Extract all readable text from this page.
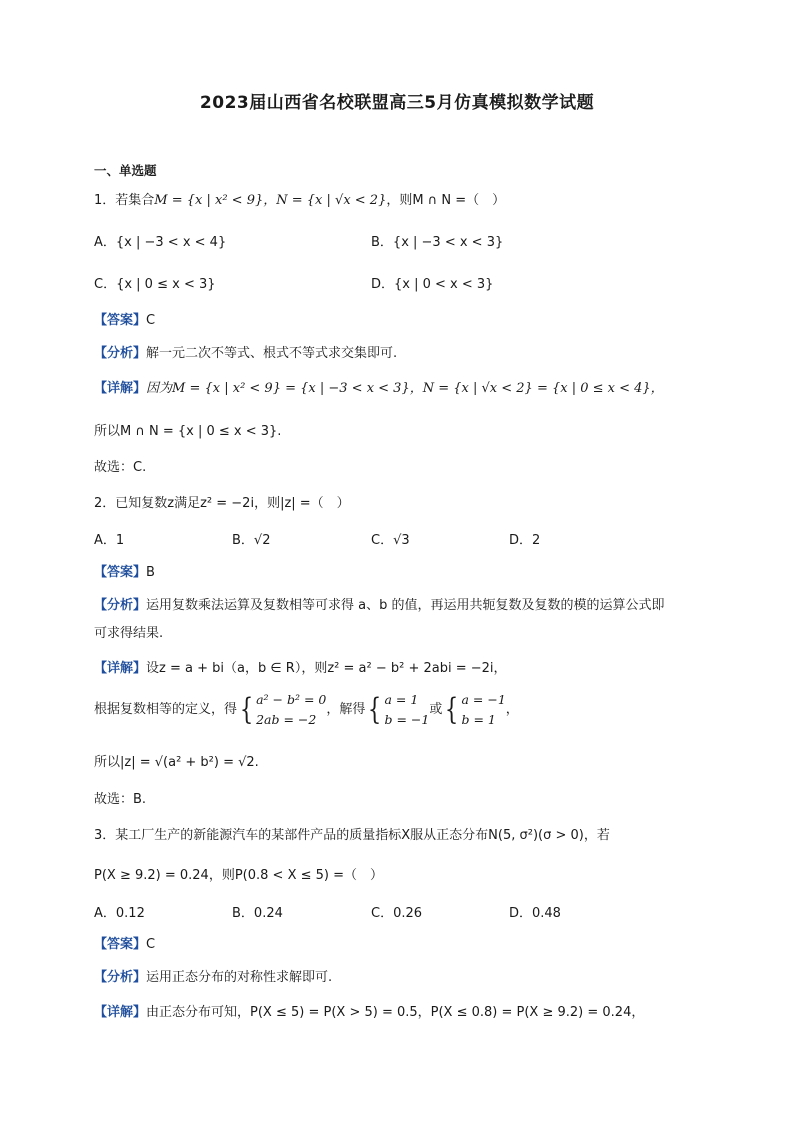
2023届山西省名校联盟高三5月仿真模拟数学试题
一、单选题
1．若集合M = {x | x² < 9}，N = {x | √x < 2}，则M ∩ N =（　）
A．{x | −3 < x < 4}	B．{x | −3 < x < 3}
C．{x | 0 ≤ x < 3}	D．{x | 0 < x < 3}
【答案】C
【分析】解一元二次不等式、根式不等式求交集即可.
【详解】因为M = {x | x² < 9} = {x | −3 < x < 3}，N = {x | √x < 2} = {x | 0 ≤ x < 4}，
所以M ∩ N = {x | 0 ≤ x < 3}.
故选：C.
2．已知复数z满足z² = −2i，则|z| =（　）
A．1	B．√2	C．√3	D．2
【答案】B
【分析】运用复数乘法运算及复数相等可求得 a、b 的值，再运用共轭复数及复数的模的运算公式即
可求得结果.
【详解】设z = a + bi（a，b ∈ R），则z² = a² − b² + 2abi = −2i，
根据复数相等的定义，得{ a² − b² = 0
2ab = −2
，解得{ a = 1
b = −1
或{ a = −1
b = 1
，
所以|z| = √(a² + b²) = √2.
故选：B.
3．某工厂生产的新能源汽车的某部件产品的质量指标X服从正态分布N(5, σ²)(σ > 0)，若
P(X ≥ 9.2) = 0.24，则P(0.8 < X ≤ 5) =（　）
A．0.12	B．0.24	C．0.26	D．0.48
【答案】C
【分析】运用正态分布的对称性求解即可.
【详解】由正态分布可知，P(X ≤ 5) = P(X > 5) = 0.5，P(X ≤ 0.8) = P(X ≥ 9.2) = 0.24，
